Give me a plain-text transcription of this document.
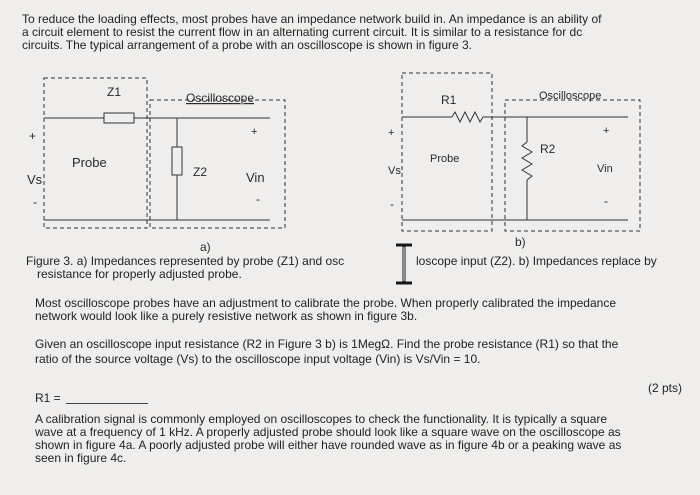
To reduce the loading effects, most probes have an impedance network build in. An impedance is an ability of
a circuit element to resist the current flow in an alternating current circuit. It is similar to a resistance for dc
circuits. The typical arrangement of a probe with an oscilloscope is shown in figure 3.
Z1	Oscilloscope
+	+
Probe
Vs	Z2	Vin
-	-
a)
R1	Oscilloscope
+	+
Probe
R2
Vs	Vin
-	-
b)
Figure 3. a) Impedances represented by probe (Z1) and osc	loscope input (Z2). b) Impedances replace by
resistance for properly adjusted probe.
Most oscilloscope probes have an adjustment to calibrate the probe. When properly calibrated the impedance
network would look like a purely resistive network as shown in figure 3b.
Given an oscilloscope input resistance (R2 in Figure 3 b) is 1MegΩ. Find the probe resistance (R1) so that the
ratio of the source voltage (Vs) to the oscilloscope input voltage (Vin) is Vs/Vin = 10.
R1 =
(2 pts)
A calibration signal is commonly employed on oscilloscopes to check the functionality. It is typically a square
wave at a frequency of 1 kHz. A properly adjusted probe should look like a square wave on the oscilloscope as
shown in figure 4a. A poorly adjusted probe will either have rounded wave as in figure 4b or a peaking wave as
seen in figure 4c.
